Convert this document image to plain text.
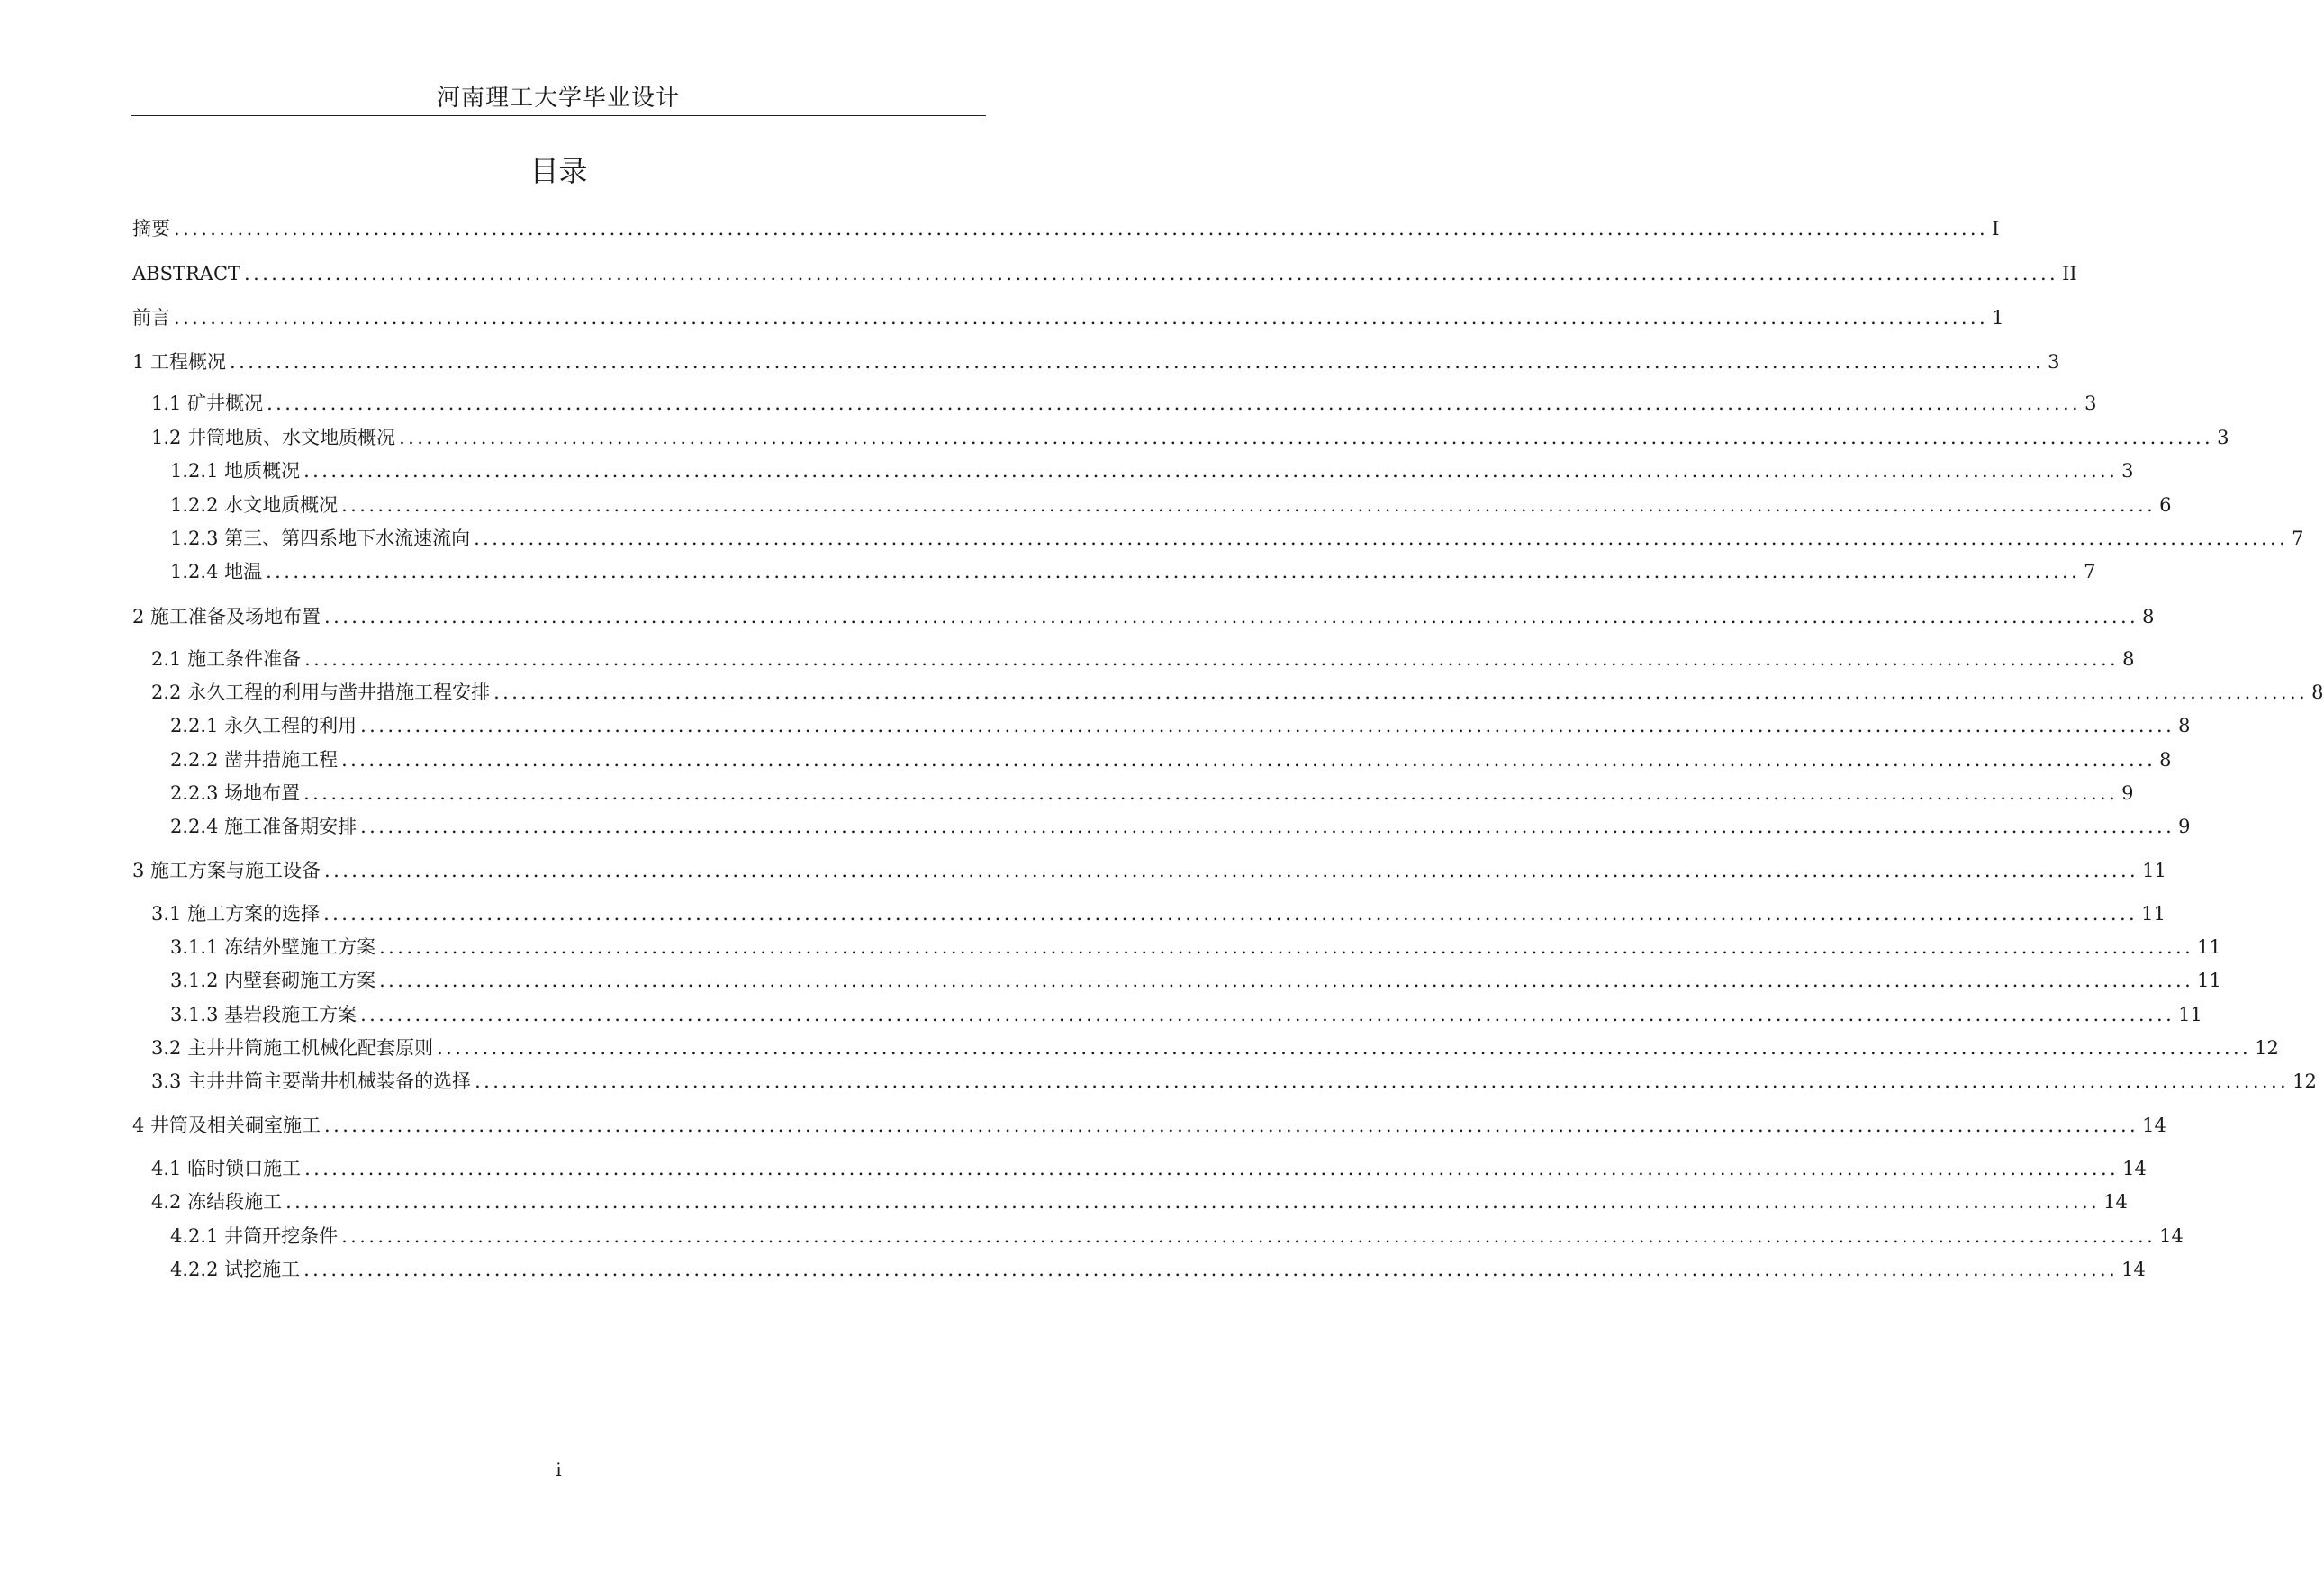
河南理工大学毕业设计
目录
摘要 ........................................................................................................................................................................................................ I
ABSTRACT ........................................................................................................................................................................................................ II
前言 ........................................................................................................................................................................................................ 1
1 工程概况 ........................................................................................................................................................................................................ 3
1.1 矿井概况 ........................................................................................................................................................................................................ 3
1.2 井筒地质、水文地质概况 ........................................................................................................................................................................................................ 3
1.2.1 地质概况 ........................................................................................................................................................................................................ 3
1.2.2 水文地质概况 ........................................................................................................................................................................................................ 6
1.2.3 第三、第四系地下水流速流向 ........................................................................................................................................................................................................ 7
1.2.4 地温 ........................................................................................................................................................................................................ 7
2 施工准备及场地布置 ........................................................................................................................................................................................................ 8
2.1 施工条件准备 ........................................................................................................................................................................................................ 8
2.2 永久工程的利用与凿井措施工程安排 ........................................................................................................................................................................................................ 8
2.2.1 永久工程的利用 ........................................................................................................................................................................................................ 8
2.2.2 凿井措施工程 ........................................................................................................................................................................................................ 8
2.2.3 场地布置 ........................................................................................................................................................................................................ 9
2.2.4 施工准备期安排 ........................................................................................................................................................................................................ 9
3 施工方案与施工设备 ........................................................................................................................................................................................................ 11
3.1 施工方案的选择 ........................................................................................................................................................................................................ 11
3.1.1 冻结外壁施工方案 ........................................................................................................................................................................................................ 11
3.1.2 内壁套砌施工方案 ........................................................................................................................................................................................................ 11
3.1.3 基岩段施工方案 ........................................................................................................................................................................................................ 11
3.2 主井井筒施工机械化配套原则 ........................................................................................................................................................................................................ 12
3.3 主井井筒主要凿井机械装备的选择 ........................................................................................................................................................................................................ 12
4 井筒及相关硐室施工 ........................................................................................................................................................................................................ 14
4.1 临时锁口施工 ........................................................................................................................................................................................................ 14
4.2 冻结段施工 ........................................................................................................................................................................................................ 14
4.2.1 井筒开挖条件 ........................................................................................................................................................................................................ 14
4.2.2 试挖施工 ........................................................................................................................................................................................................ 14
i
